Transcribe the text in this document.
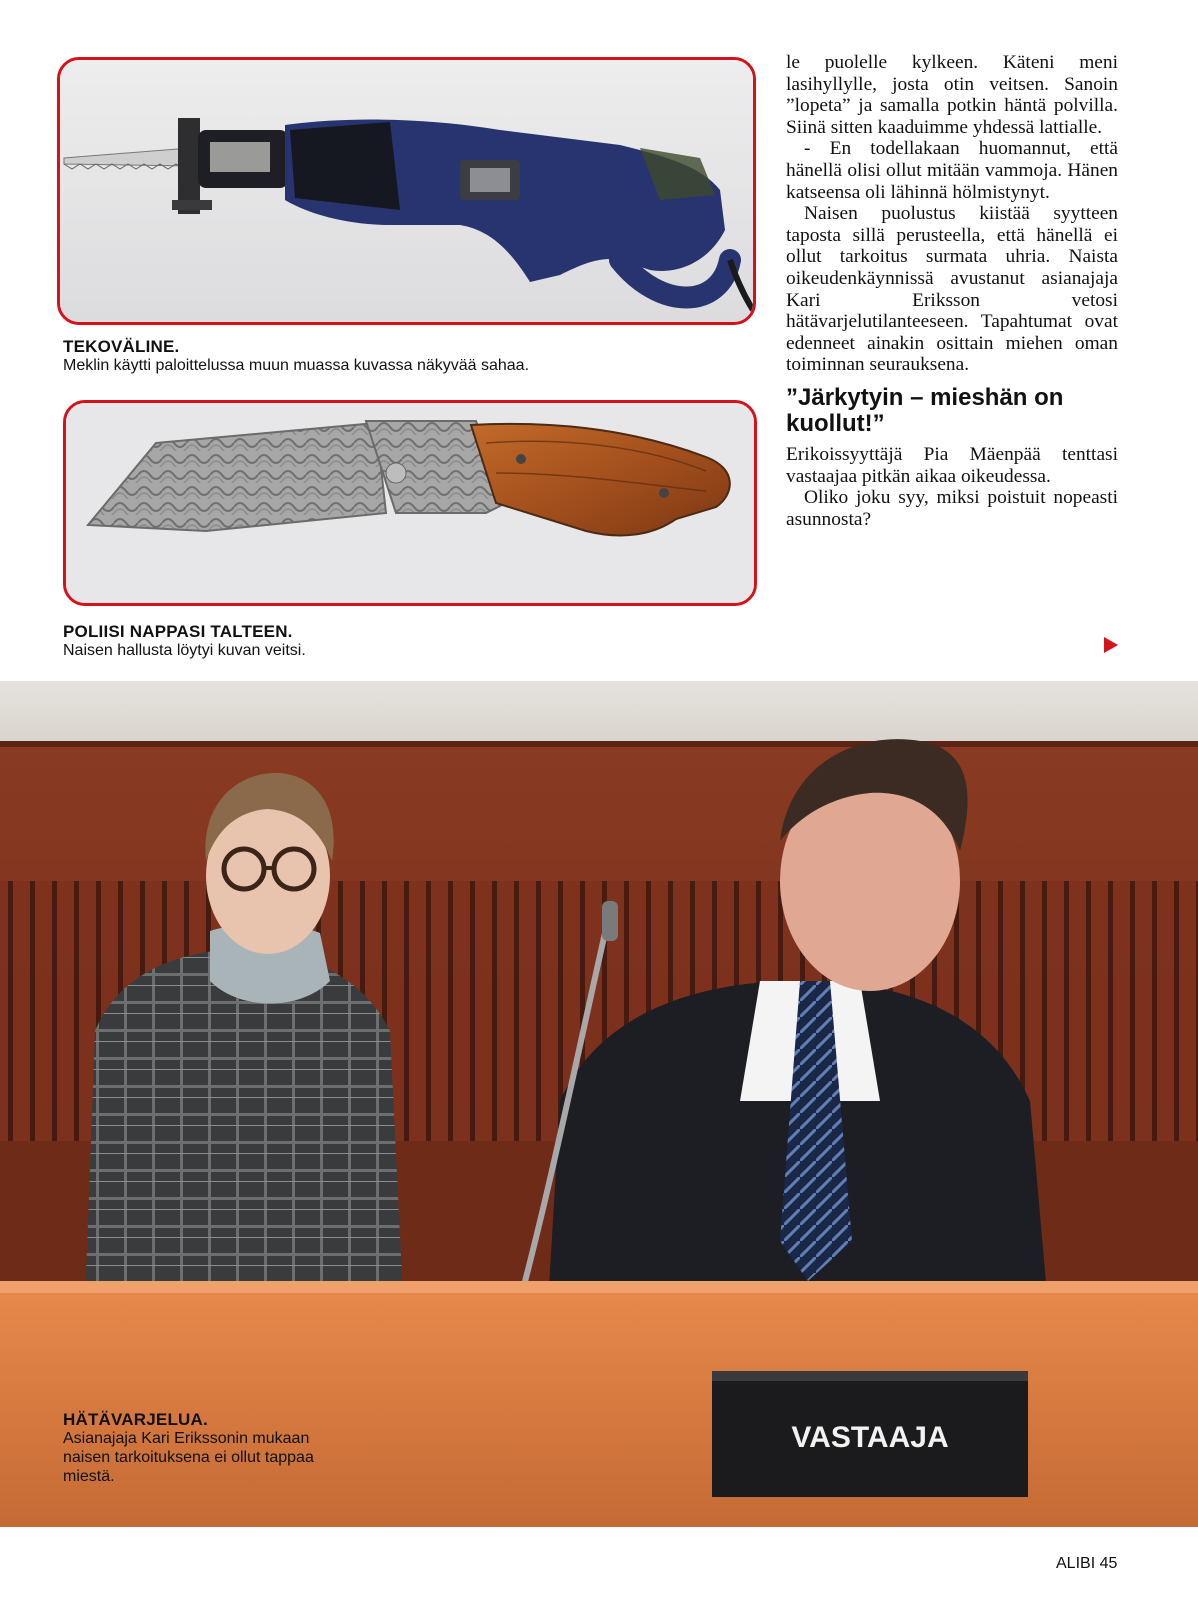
TEKOVÄLINE.
Meklin käytti paloittelussa muun muassa kuvassa näkyvää sahaa.
POLIISI NAPPASI TALTEEN.
Naisen hallusta löytyi kuvan veitsi.

le puolelle kylkeen. Käteni meni lasihyllylle, josta otin veitsen. Sanoin ”lopeta” ja samalla potkin häntä polvilla. Siinä sitten kaaduimme yhdessä lattialle.

- En todellakaan huomannut, että hänellä olisi ollut mitään vammoja. Hänen katseensa oli lähinnä hölmistynyt.

Naisen puolustus kiistää syytteen taposta sillä perusteella, että hänellä ei ollut tarkoitus surmata uhria. Naista oikeudenkäynnissä avustanut asianajaja Kari Eriksson vetosi hätävarjelutilanteeseen. Tapahtumat ovat edenneet ainakin osittain miehen oman toiminnan seurauksena.

”Järkytyin – mieshän on kuollut!”

Erikoissyyttäjä Pia Mäenpää tenttasi vastaajaa pitkän aikaa oikeudessa.

Oliko joku syy, miksi poistuit nopeasti asunnosta?

VASTAAJA
HÄTÄVARJELUA.
Asianajaja Kari Erikssonin mukaan naisen tarkoituksena ei ollut tappaa miestä.
ALIBI 45
